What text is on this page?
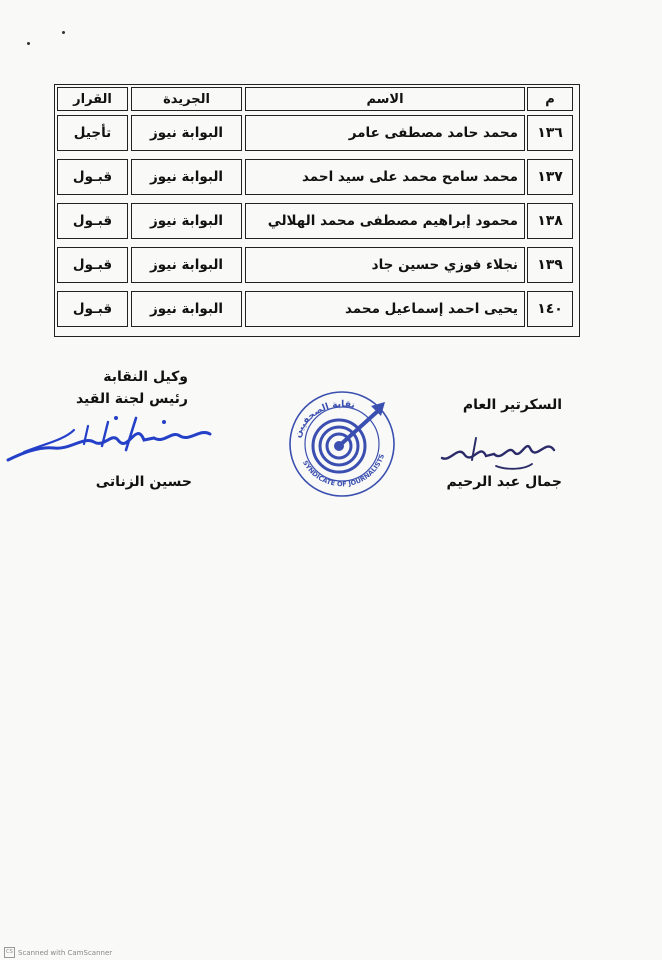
م
الاسم
الجريدة
القرار
١٣٦
محمد حامد مصطفى عامر
البوابة نيوز
تأجيل
١٣٧
محمد سامح محمد على سيد احمد
البوابة نيوز
قبـول
١٣٨
محمود إبراهيم مصطفى محمد الهلالي
البوابة نيوز
قبـول
١٣٩
نجلاء فوزي حسين جاد
البوابة نيوز
قبـول
١٤٠
يحيى احمد إسماعيل محمد
البوابة نيوز
قبـول
السكرتير العام
جمال عبد الرحيم
نقابة الصحفيين
SYNDICATE OF JOURNALISTS
وكيل النقابة
رئيس لجنة القيد
حسين الزناتى
CS Scanned with CamScanner
